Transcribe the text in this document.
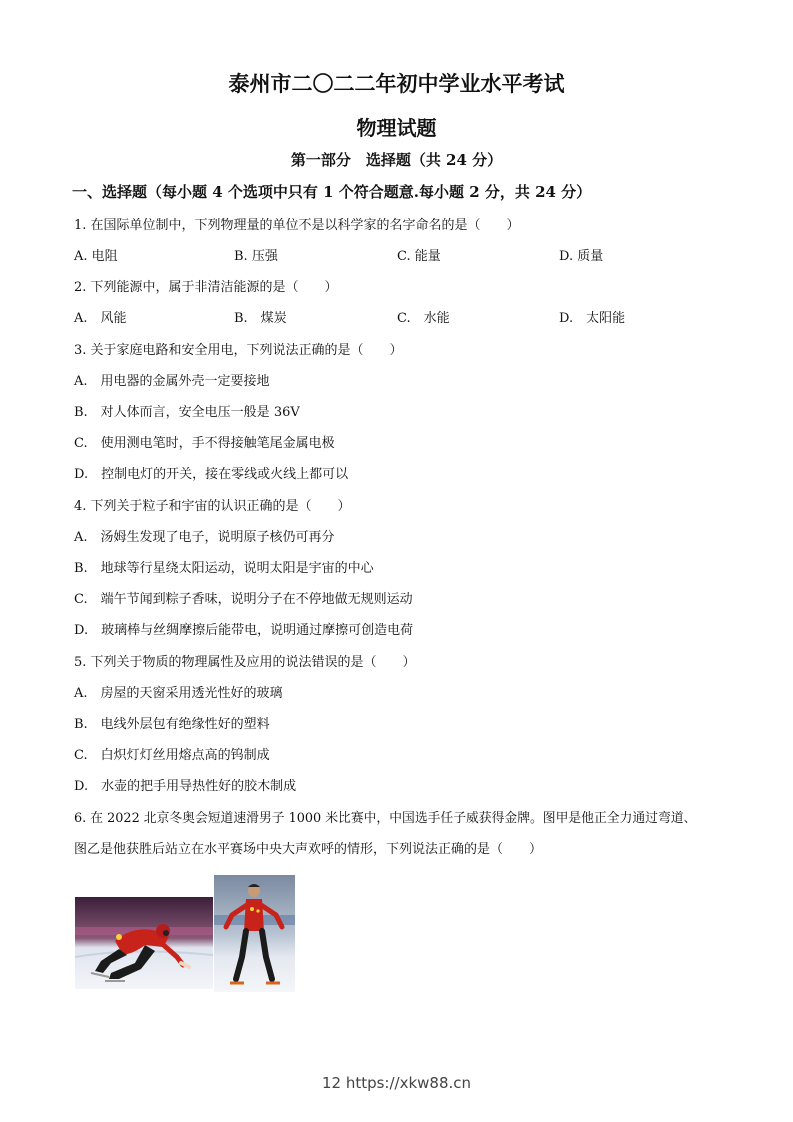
泰州市二〇二二年初中学业水平考试
物理试题
第一部分　选择题（共 24 分）
一、选择题（每小题 4 个选项中只有 1 个符合题意.每小题 2 分，共 24 分）
1. 在国际单位制中，下列物理量的单位不是以科学家的名字命名的是（　　）
A. 电阻	B. 压强	C. 能量	D. 质量
2. 下列能源中，属于非清洁能源的是（　　）
A.　风能	B.　煤炭	C.　水能	D.　太阳能
3. 关于家庭电路和安全用电，下列说法正确的是（　　）
A.　用电器的金属外壳一定要接地
B.　对人体而言，安全电压一般是 36V
C.　使用测电笔时，手不得接触笔尾金属电极
D.　控制电灯的开关，接在零线或火线上都可以
4. 下列关于粒子和宇宙的认识正确的是（　　）
A.　汤姆生发现了电子，说明原子核仍可再分
B.　地球等行星绕太阳运动，说明太阳是宇宙的中心
C.　端午节闻到粽子香味，说明分子在不停地做无规则运动
D.　玻璃棒与丝绸摩擦后能带电，说明通过摩擦可创造电荷
5. 下列关于物质的物理属性及应用的说法错误的是（　　）
A.　房屋的天窗采用透光性好的玻璃
B.　电线外层包有绝缘性好的塑料
C.　白炽灯灯丝用熔点高的钨制成
D.　水壶的把手用导热性好的胶木制成
6. 在 2022 北京冬奥会短道速滑男子 1000 米比赛中，中国选手任子威获得金牌。图甲是他正全力通过弯道、
图乙是他获胜后站立在水平赛场中央大声欢呼的情形，下列说法正确的是（　　）
12 https://xkw88.cn
